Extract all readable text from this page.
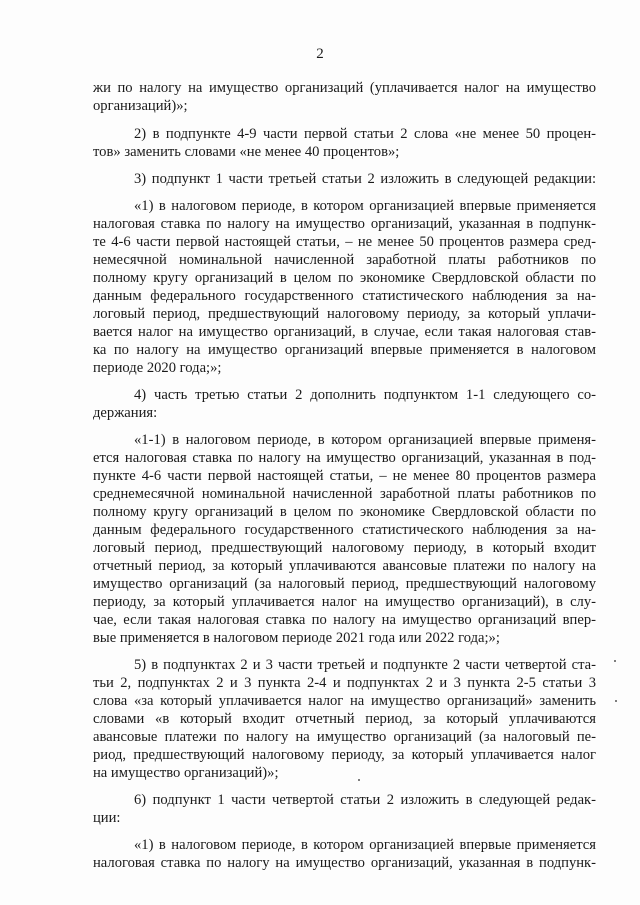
2
жи по налогу на имущество организаций (уплачивается налог на имущество
организаций)»;
2) в подпункте 4-9 части первой статьи 2 слова «не менее 50 процен-
тов» заменить словами «не менее 40 процентов»;
3) подпункт 1 части третьей статьи 2 изложить в следующей редакции:
«1) в налоговом периоде, в котором организацией впервые применяется
налоговая ставка по налогу на имущество организаций, указанная в подпунк-
те 4-6 части первой настоящей статьи, – не менее 50 процентов размера сред-
немесячной номинальной начисленной заработной платы работников по
полному кругу организаций в целом по экономике Свердловской области по
данным федерального государственного статистического наблюдения за на-
логовый период, предшествующий налоговому периоду, за который уплачи-
вается налог на имущество организаций, в случае, если такая налоговая став-
ка по налогу на имущество организаций впервые применяется в налоговом
периоде 2020 года;»;
4) часть третью статьи 2 дополнить подпунктом 1-1 следующего со-
держания:
«1-1) в налоговом периоде, в котором организацией впервые применя-
ется налоговая ставка по налогу на имущество организаций, указанная в под-
пункте 4-6 части первой настоящей статьи, – не менее 80 процентов размера
среднемесячной номинальной начисленной заработной платы работников по
полному кругу организаций в целом по экономике Свердловской области по
данным федерального государственного статистического наблюдения за на-
логовый период, предшествующий налоговому периоду, в который входит
отчетный период, за который уплачиваются авансовые платежи по налогу на
имущество организаций (за налоговый период, предшествующий налоговому
периоду, за который уплачивается налог на имущество организаций), в слу-
чае, если такая налоговая ставка по налогу на имущество организаций впер-
вые применяется в налоговом периоде 2021 года или 2022 года;»;
5) в подпунктах 2 и 3 части третьей и подпункте 2 части четвертой ста-
тьи 2, подпунктах 2 и 3 пункта 2-4 и подпунктах 2 и 3 пункта 2-5 статьи 3
слова «за который уплачивается налог на имущество организаций» заменить
словами «в который входит отчетный период, за который уплачиваются
авансовые платежи по налогу на имущество организаций (за налоговый пе-
риод, предшествующий налоговому периоду, за который уплачивается налог
на имущество организаций)»;
6) подпункт 1 части четвертой статьи 2 изложить в следующей редак-
ции:
«1) в налоговом периоде, в котором организацией впервые применяется
налоговая ставка по налогу на имущество организаций, указанная в подпунк-
